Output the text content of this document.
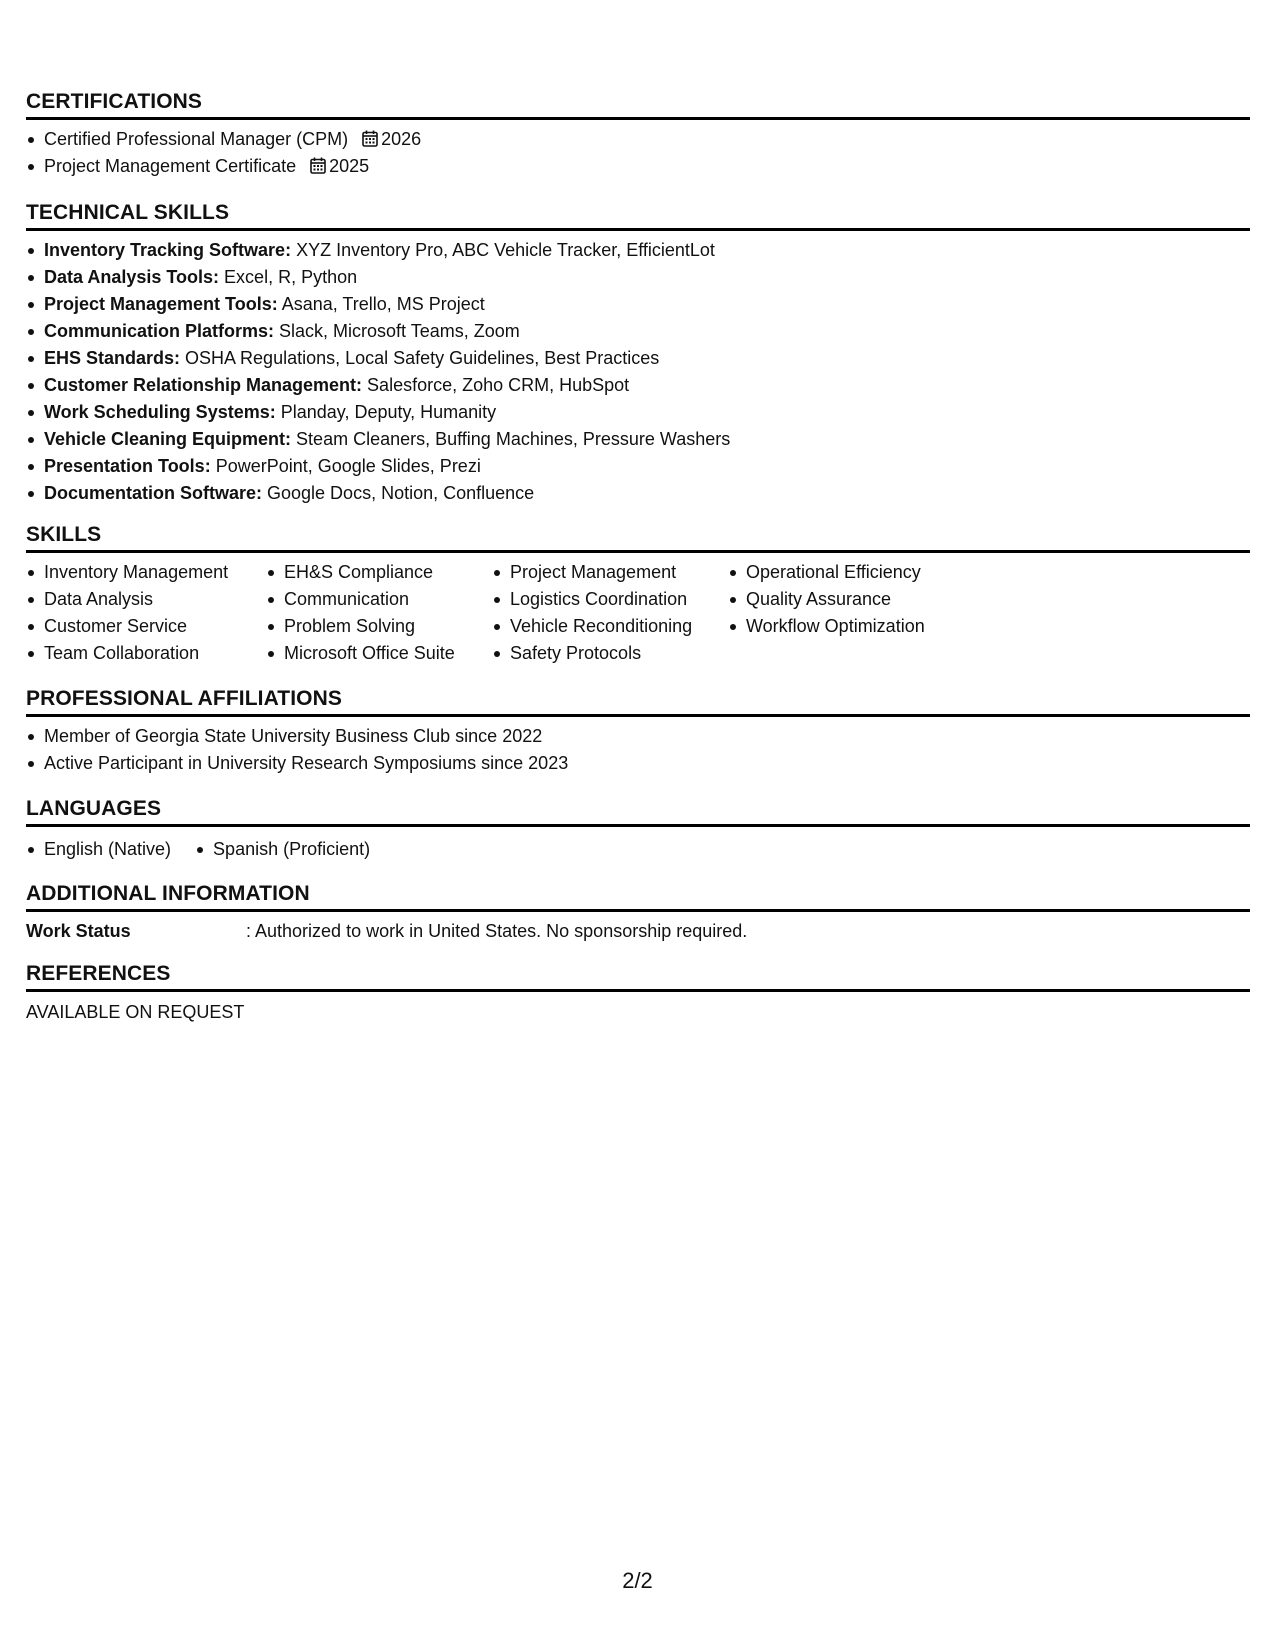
CERTIFICATIONS
Certified Professional Manager (CPM) 2026
Project Management Certificate 2025
TECHNICAL SKILLS
Inventory Tracking Software: XYZ Inventory Pro, ABC Vehicle Tracker, EfficientLot
Data Analysis Tools: Excel, R, Python
Project Management Tools: Asana, Trello, MS Project
Communication Platforms: Slack, Microsoft Teams, Zoom
EHS Standards: OSHA Regulations, Local Safety Guidelines, Best Practices
Customer Relationship Management: Salesforce, Zoho CRM, HubSpot
Work Scheduling Systems: Planday, Deputy, Humanity
Vehicle Cleaning Equipment: Steam Cleaners, Buffing Machines, Pressure Washers
Presentation Tools: PowerPoint, Google Slides, Prezi
Documentation Software: Google Docs, Notion, Confluence
SKILLS
Inventory Management
Data Analysis
Customer Service
Team Collaboration
EH&S Compliance
Communication
Problem Solving
Microsoft Office Suite
Project Management
Logistics Coordination
Vehicle Reconditioning
Safety Protocols
Operational Efficiency
Quality Assurance
Workflow Optimization
PROFESSIONAL AFFILIATIONS
Member of Georgia State University Business Club since 2022
Active Participant in University Research Symposiums since 2023
LANGUAGES
English (Native)	Spanish (Proficient)
ADDITIONAL INFORMATION
Work Status	: Authorized to work in United States. No sponsorship required.
REFERENCES
AVAILABLE ON REQUEST
2/2
